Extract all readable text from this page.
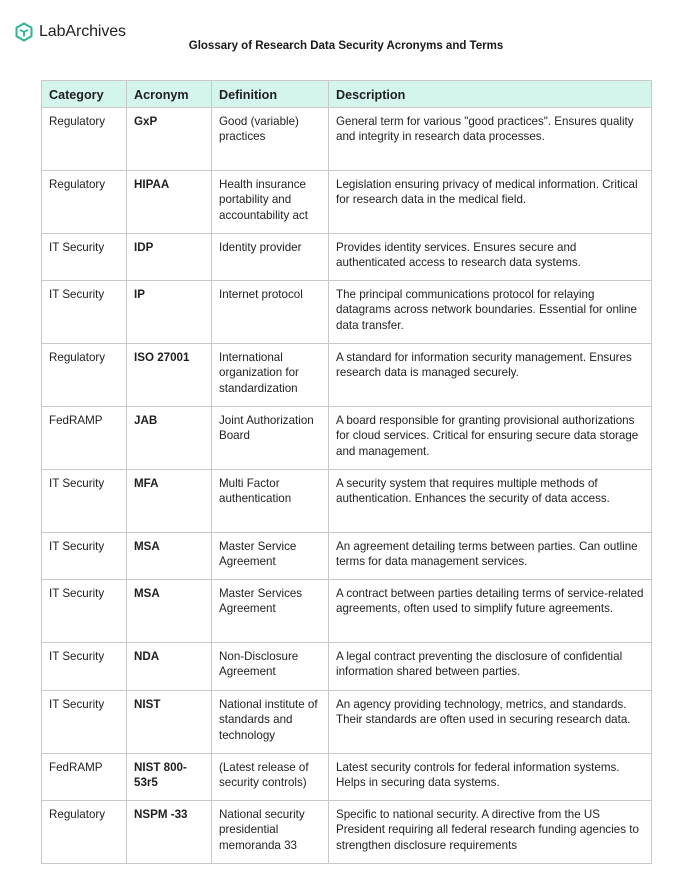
LabArchives
Glossary of Research Data Security Acronyms and Terms
Category	Acronym	Definition	Description
Regulatory	GxP	Good (variable) practices	General term for various "good practices". Ensures quality and integrity in research data processes.
Regulatory	HIPAA	Health insurance portability and accountability act	Legislation ensuring privacy of medical information. Critical for research data in the medical field.
IT Security	IDP	Identity provider	Provides identity services. Ensures secure and authenticated access to research data systems.
IT Security	IP	Internet protocol	The principal communications protocol for relaying datagrams across network boundaries. Essential for online data transfer.
Regulatory	ISO 27001	International organization for standardization	A standard for information security management. Ensures research data is managed securely.
FedRAMP	JAB	Joint Authorization Board	A board responsible for granting provisional authorizations for cloud services. Critical for ensuring secure data storage and management.
IT Security	MFA	Multi Factor authentication	A security system that requires multiple methods of authentication. Enhances the security of data access.
IT Security	MSA	Master Service Agreement	An agreement detailing terms between parties. Can outline terms for data management services.
IT Security	MSA	Master Services Agreement	A contract between parties detailing terms of service-related agreements, often used to simplify future agreements.
IT Security	NDA	Non-Disclosure Agreement	A legal contract preventing the disclosure of confidential information shared between parties.
IT Security	NIST	National institute of standards and technology	An agency providing technology, metrics, and standards. Their standards are often used in securing research data.
FedRAMP	NIST 800-53r5	(Latest release of security controls)	Latest security controls for federal information systems. Helps in securing data systems.
Regulatory	NSPM -33	National security presidential memoranda 33	Specific to national security. A directive from the US President requiring all federal research funding agencies to strengthen disclosure requirements
